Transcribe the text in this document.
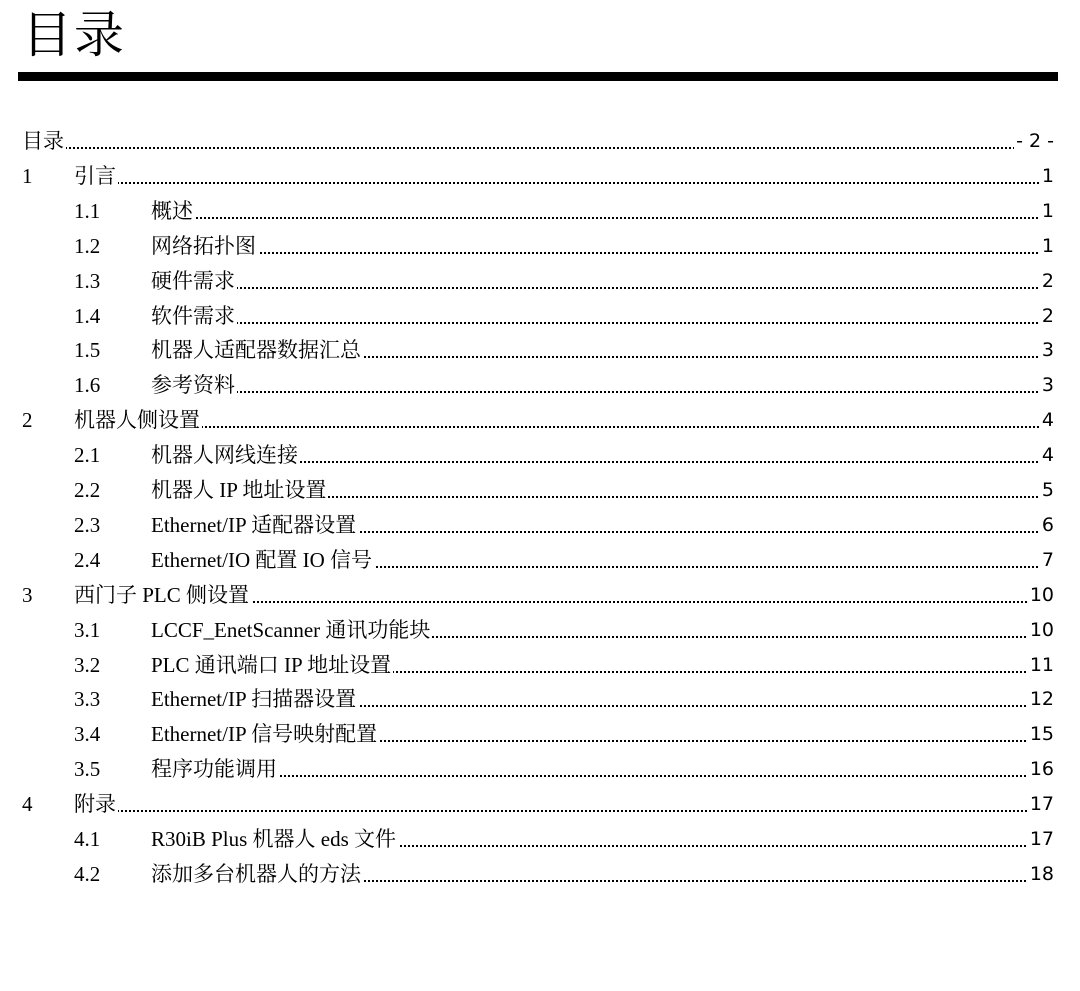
目录
目录	- 2 -
1 引言	1
1.1 概述	1
1.2 网络拓扑图	1
1.3 硬件需求	2
1.4 软件需求	2
1.5 机器人适配器数据汇总	3
1.6 参考资料	3
2 机器人侧设置	4
2.1 机器人网线连接	4
2.2 机器人 IP 地址设置	5
2.3 Ethernet/IP 适配器设置	6
2.4 Ethernet/IO 配置 IO 信号	7
3 西门子 PLC 侧设置	10
3.1 LCCF_EnetScanner 通讯功能块	10
3.2 PLC 通讯端口 IP 地址设置	11
3.3 Ethernet/IP 扫描器设置	12
3.4 Ethernet/IP 信号映射配置	15
3.5 程序功能调用	16
4 附录	17
4.1 R30iB Plus 机器人 eds 文件	17
4.2 添加多台机器人的方法	18
